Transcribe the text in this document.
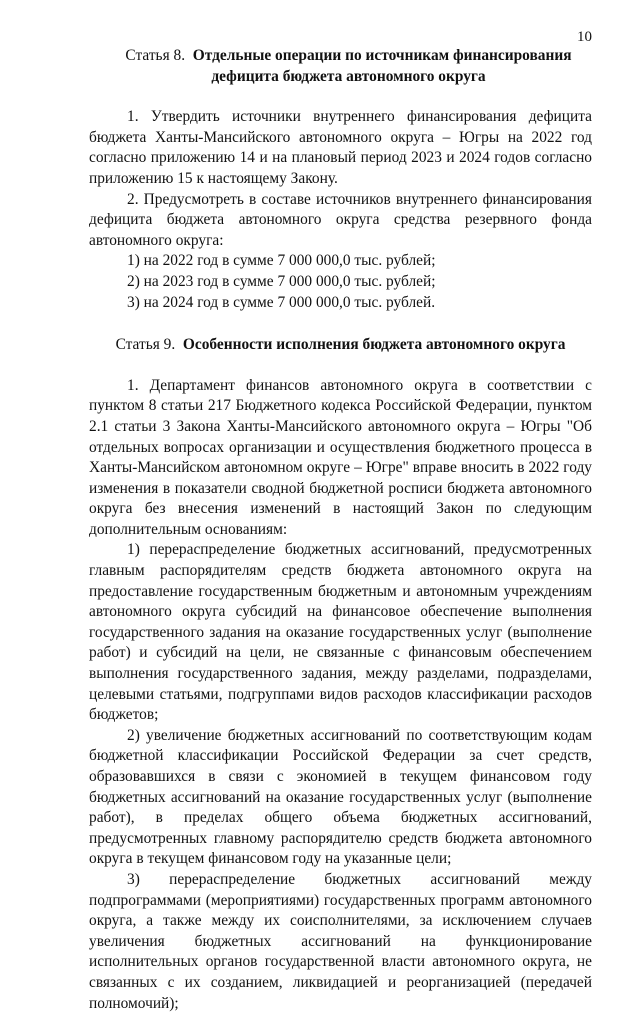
10

Статья 8. Отдельные операции по источникам финансирования дефицита бюджета автономного округа

1. Утвердить источники внутреннего финансирования дефицита бюджета Ханты-Мансийского автономного округа – Югры на 2022 год согласно приложению 14 и на плановый период 2023 и 2024 годов согласно приложению 15 к настоящему Закону.

2. Предусмотреть в составе источников внутреннего финансирования дефицита бюджета автономного округа средства резервного фонда автономного округа:

1) на 2022 год в сумме 7 000 000,0 тыс. рублей;

2) на 2023 год в сумме 7 000 000,0 тыс. рублей;

3) на 2024 год в сумме 7 000 000,0 тыс. рублей.

Статья 9. Особенности исполнения бюджета автономного округа

1. Департамент финансов автономного округа в соответствии с пунктом 8 статьи 217 Бюджетного кодекса Российской Федерации, пунктом 2.1 статьи 3 Закона Ханты-Мансийского автономного округа – Югры "Об отдельных вопросах организации и осуществления бюджетного процесса в Ханты-Мансийском автономном округе – Югре" вправе вносить в 2022 году изменения в показатели сводной бюджетной росписи бюджета автономного округа без внесения изменений в настоящий Закон по следующим дополнительным основаниям:

1) перераспределение бюджетных ассигнований, предусмотренных главным распорядителям средств бюджета автономного округа на предоставление государственным бюджетным и автономным учреждениям автономного округа субсидий на финансовое обеспечение выполнения государственного задания на оказание государственных услуг (выполнение работ) и субсидий на цели, не связанные с финансовым обеспечением выполнения государственного задания, между разделами, подразделами, целевыми статьями, подгруппами видов расходов классификации расходов бюджетов;

2) увеличение бюджетных ассигнований по соответствующим кодам бюджетной классификации Российской Федерации за счет средств, образовавшихся в связи с экономией в текущем финансовом году бюджетных ассигнований на оказание государственных услуг (выполнение работ), в пределах общего объема бюджетных ассигнований, предусмотренных главному распорядителю средств бюджета автономного округа в текущем финансовом году на указанные цели;

3) перераспределение бюджетных ассигнований между подпрограммами (мероприятиями) государственных программ автономного округа, а также между их соисполнителями, за исключением случаев увеличения бюджетных ассигнований на функционирование исполнительных органов государственной власти автономного округа, не связанных с их созданием, ликвидацией и реорганизацией (передачей полномочий);
